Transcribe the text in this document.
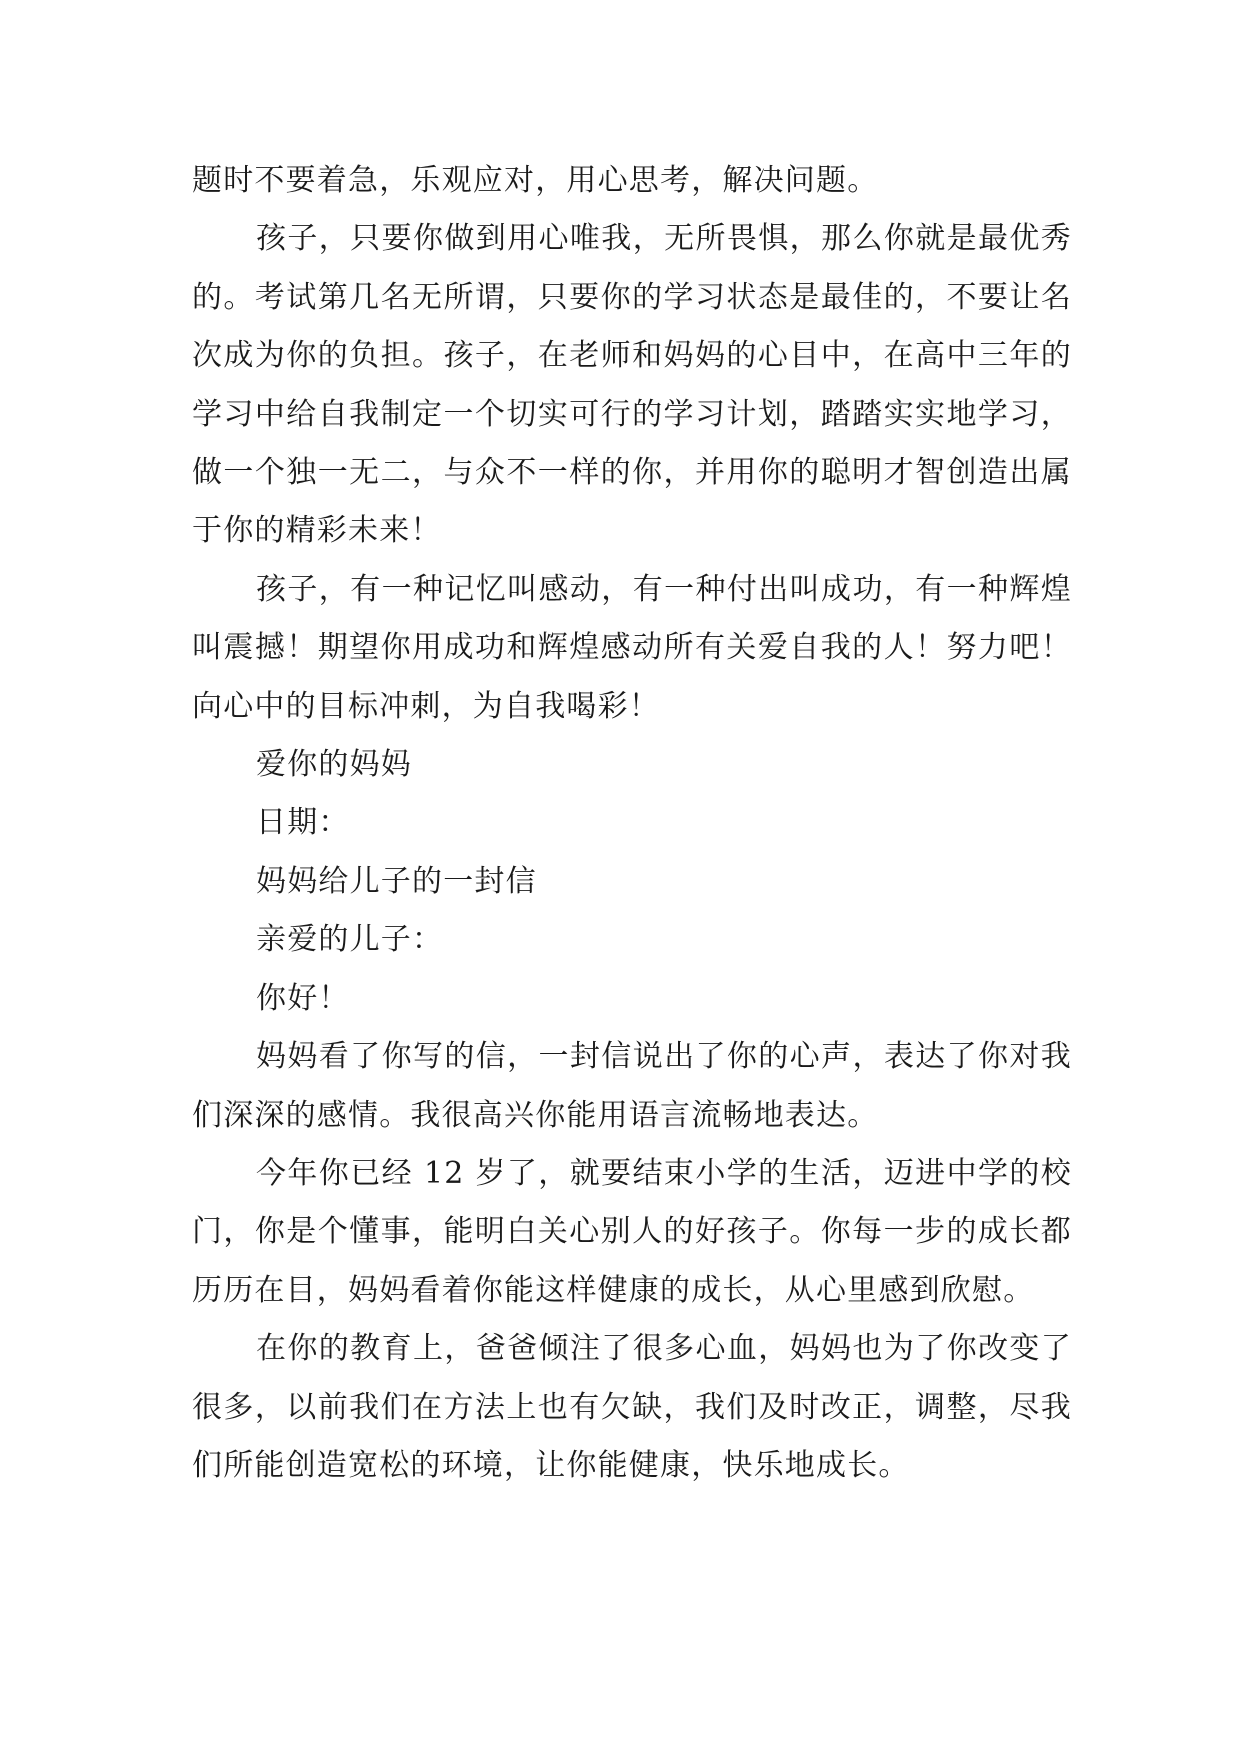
题时不要着急，乐观应对，用心思考，解决问题。

孩子，只要你做到用心唯我，无所畏惧，那么你就是最优秀的。考试第几名无所谓，只要你的学习状态是最佳的，不要让名次成为你的负担。孩子，在老师和妈妈的心目中，在高中三年的学习中给自我制定一个切实可行的学习计划，踏踏实实地学习，做一个独一无二，与众不一样的你，并用你的聪明才智创造出属于你的精彩未来！

孩子，有一种记忆叫感动，有一种付出叫成功，有一种辉煌叫震撼！期望你用成功和辉煌感动所有关爱自我的人！努力吧！向心中的目标冲刺，为自我喝彩！

爱你的妈妈

日期：

妈妈给儿子的一封信

亲爱的儿子：

你好！

妈妈看了你写的信，一封信说出了你的心声，表达了你对我们深深的感情。我很高兴你能用语言流畅地表达。

今年你已经 12 岁了，就要结束小学的生活，迈进中学的校门，你是个懂事，能明白关心别人的好孩子。你每一步的成长都历历在目，妈妈看着你能这样健康的成长，从心里感到欣慰。

在你的教育上，爸爸倾注了很多心血，妈妈也为了你改变了很多，以前我们在方法上也有欠缺，我们及时改正，调整，尽我们所能创造宽松的环境，让你能健康，快乐地成长。
